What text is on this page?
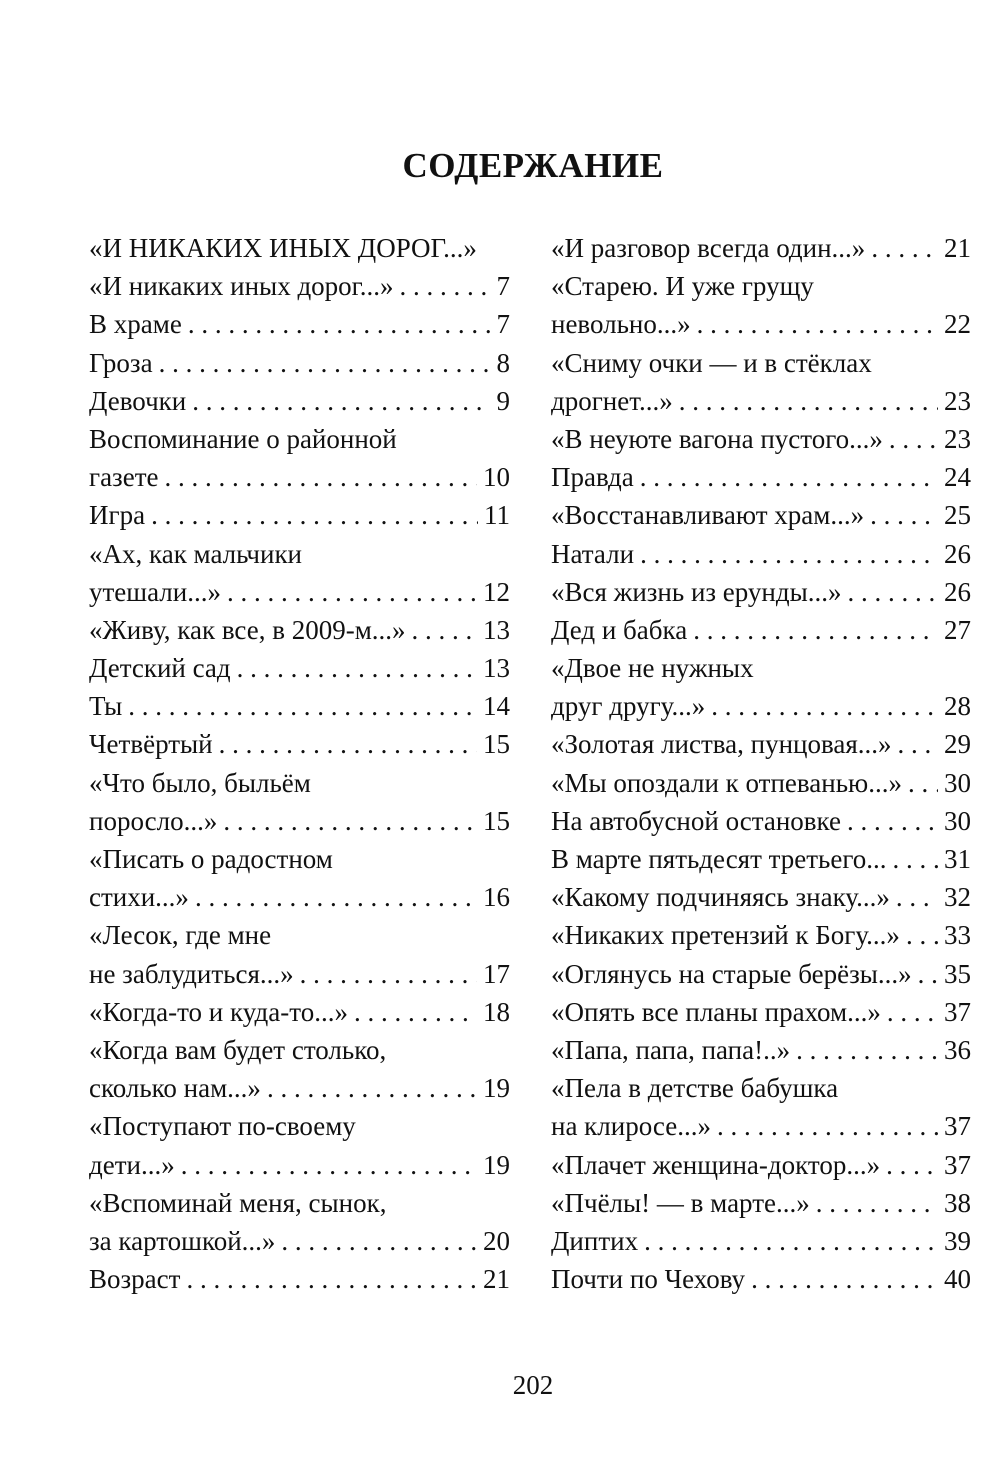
СОДЕРЖАНИЕ
«И НИКАКИХ ИНЫХ ДОРОГ...»
«И никаких иных дорог...» . . .	7
В храме . . .	7
Гроза . . .	8
Девочки . . .	9
Воспоминание о районной
газете . . .	10
Игра . . .	11
«Ах, как мальчики
утешали...» . . .	12
«Живу, как все, в 2009-м...» . . .	13
Детский сад . . .	13
Ты . . .	14
Четвёртый . . .	15
«Что было, быльём
поросло...» . . .	15
«Писать о радостном
стихи...» . . .	16
«Лесок, где мне
не заблудиться...» . . .	17
«Когда-то и куда-то...» . . .	18
«Когда вам будет столько,
сколько нам...» . . .	19
«Поступают по-своему
дети...» . . .	19
«Вспоминай меня, сынок,
за картошкой...» . . .	20
Возраст . . .	21
«И разговор всегда один...» . . .	21
«Старею. И уже грущу
невольно...» . . .	22
«Сниму очки — и в стёклах
дрогнет...» . . .	23
«В неуюте вагона пустого...» . . . 23
Правда . . .	24
«Восстанавливают храм...» . . .	25
Натали . . .	26
«Вся жизнь из ерунды...» . . .	26
Дед и бабка . . .	27
«Двое не нужных
друг другу...» . . .	28
«Золотая листва, пунцовая...» . . . 29
«Мы опоздали к отпеванью...» . . . 30
На автобусной остановке . . .	30
В марте пятьдесят третьего... . . . 31
«Какому подчиняясь знаку...» . . . 32
«Никаких претензий к Богу...» . . . 33
«Оглянусь на старые берёзы...» . . . 35
«Опять все планы прахом...» . . . 37
«Папа, папа, папа!..» . . .	36
«Пела в детстве бабушка
на клиросе...» . . .	37
«Плачет женщина-доктор...» . . . 37
«Пчёлы! — в марте...» . . .	38
Диптих . . .	39
Почти по Чехову . . .	40
202
